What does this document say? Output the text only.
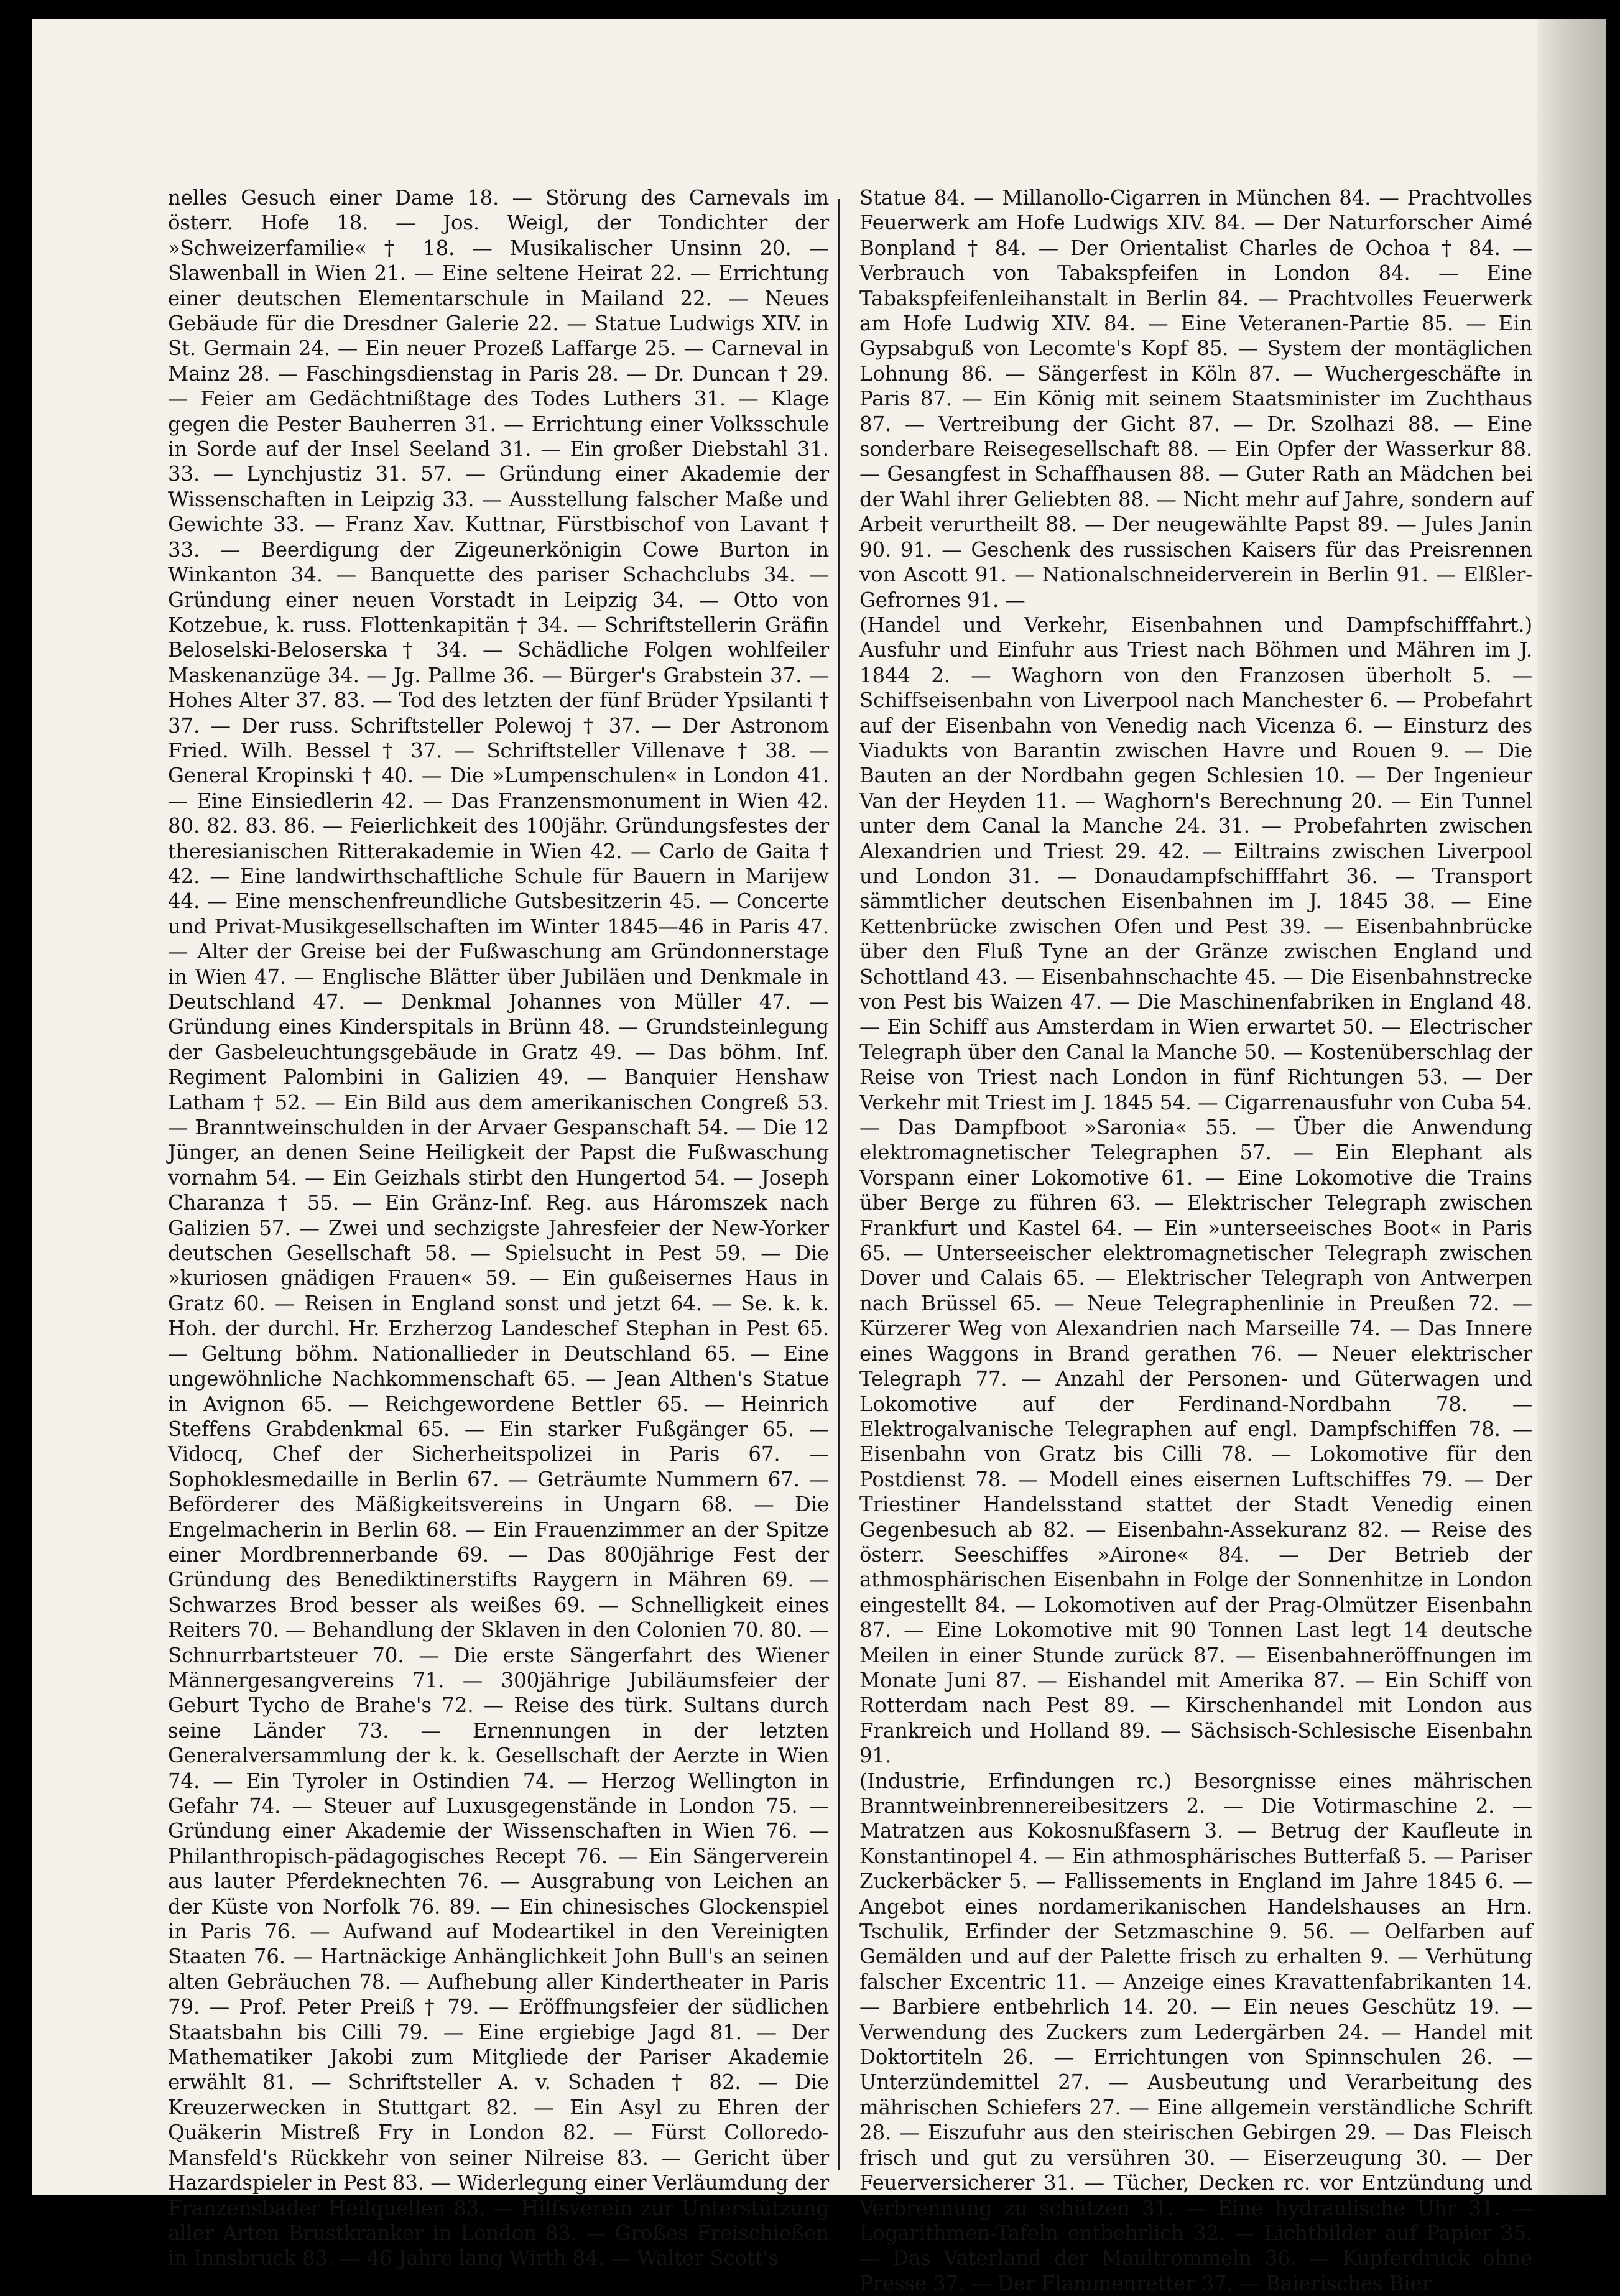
nelles Gesuch einer Dame 18. — Störung des Carnevals im österr. Hofe 18. — Jos. Weigl, der Tondichter der »Schweizerfamilie« † 18. — Musikalischer Unsinn 20. — Slawenball in Wien 21. — Eine seltene Heirat 22. — Errichtung einer deutschen Elementarschule in Mailand 22. — Neues Gebäude für die Dresdner Galerie 22. — Statue Ludwigs XIV. in St. Germain 24. — Ein neuer Prozeß Laffarge 25. — Carneval in Mainz 28. — Faschingsdienstag in Paris 28. — Dr. Duncan † 29. — Feier am Gedächtnißtage des Todes Luthers 31. — Klage gegen die Pester Bauherren 31. — Errichtung einer Volksschule in Sorde auf der Insel Seeland 31. — Ein großer Diebstahl 31. 33. — Lynchjustiz 31. 57. — Gründung einer Akademie der Wissenschaften in Leipzig 33. — Ausstellung falscher Maße und Gewichte 33. — Franz Xav. Kuttnar, Fürstbischof von Lavant † 33. — Beerdigung der Zigeunerkönigin Cowe Burton in Winkanton 34. — Banquette des pariser Schachclubs 34. — Gründung einer neuen Vorstadt in Leipzig 34. — Otto von Kotzebue, k. russ. Flottenkapitän † 34. — Schriftstellerin Gräfin Beloselski-Beloserska † 34. — Schädliche Folgen wohlfeiler Maskenanzüge 34. — Jg. Pallme 36. — Bürger's Grabstein 37. — Hohes Alter 37. 83. — Tod des letzten der fünf Brüder Ypsilanti † 37. — Der russ. Schriftsteller Polewoj † 37. — Der Astronom Fried. Wilh. Bessel † 37. — Schriftsteller Villenave † 38. — General Kropinski † 40. — Die »Lumpenschulen« in London 41. — Eine Einsiedlerin 42. — Das Franzensmonument in Wien 42. 80. 82. 83. 86. — Feierlichkeit des 100jähr. Gründungsfestes der theresianischen Ritterakademie in Wien 42. — Carlo de Gaita † 42. — Eine landwirthschaftliche Schule für Bauern in Marijew 44. — Eine menschenfreundliche Gutsbesitzerin 45. — Concerte und Privat-Musikgesellschaften im Winter 1845—46 in Paris 47. — Alter der Greise bei der Fußwaschung am Gründonnerstage in Wien 47. — Englische Blätter über Jubiläen und Denkmale in Deutschland 47. — Denkmal Johannes von Müller 47. — Gründung eines Kinderspitals in Brünn 48. — Grundsteinlegung der Gasbeleuchtungsgebäude in Gratz 49. — Das böhm. Inf. Regiment Palombini in Galizien 49. — Banquier Henshaw Latham † 52. — Ein Bild aus dem amerikanischen Congreß 53. — Branntweinschulden in der Arvaer Gespanschaft 54. — Die 12 Jünger, an denen Seine Heiligkeit der Papst die Fußwaschung vornahm 54. — Ein Geizhals stirbt den Hungertod 54. — Joseph Charanza † 55. — Ein Gränz-Inf. Reg. aus Háromszek nach Galizien 57. — Zwei und sechzigste Jahresfeier der New-Yorker deutschen Gesellschaft 58. — Spielsucht in Pest 59. — Die »kuriosen gnädigen Frauen« 59. — Ein gußeisernes Haus in Gratz 60. — Reisen in England sonst und jetzt 64. — Se. k. k. Hoh. der durchl. Hr. Erzherzog Landeschef Stephan in Pest 65. — Geltung böhm. Nationallieder in Deutschland 65. — Eine ungewöhnliche Nachkommenschaft 65. — Jean Althen's Statue in Avignon 65. — Reichgewordene Bettler 65. — Heinrich Steffens Grabdenkmal 65. — Ein starker Fußgänger 65. — Vidocq, Chef der Sicherheitspolizei in Paris 67. — Sophoklesmedaille in Berlin 67. — Geträumte Nummern 67. — Beförderer des Mäßigkeitsvereins in Ungarn 68. — Die Engelmacherin in Berlin 68. — Ein Frauenzimmer an der Spitze einer Mordbrennerbande 69. — Das 800jährige Fest der Gründung des Benediktinerstifts Raygern in Mähren 69. — Schwarzes Brod besser als weißes 69. — Schnelligkeit eines Reiters 70. — Behandlung der Sklaven in den Colonien 70. 80. — Schnurrbartsteuer 70. — Die erste Sängerfahrt des Wiener Männergesangvereins 71. — 300jährige Jubiläumsfeier der Geburt Tycho de Brahe's 72. — Reise des türk. Sultans durch seine Länder 73. — Ernennungen in der letzten Generalversammlung der k. k. Gesellschaft der Aerzte in Wien 74. — Ein Tyroler in Ostindien 74. — Herzog Wellington in Gefahr 74. — Steuer auf Luxusgegenstände in London 75. — Gründung einer Akademie der Wissenschaften in Wien 76. — Philanthropisch-pädagogisches Recept 76. — Ein Sängerverein aus lauter Pferdeknechten 76. — Ausgrabung von Leichen an der Küste von Norfolk 76. 89. — Ein chinesisches Glockenspiel in Paris 76. — Aufwand auf Modeartikel in den Vereinigten Staaten 76. — Hartnäckige Anhänglichkeit John Bull's an seinen alten Gebräuchen 78. — Aufhebung aller Kindertheater in Paris 79. — Prof. Peter Preiß † 79. — Eröffnungsfeier der südlichen Staatsbahn bis Cilli 79. — Eine ergiebige Jagd 81. — Der Mathematiker Jakobi zum Mitgliede der Pariser Akademie erwählt 81. — Schriftsteller A. v. Schaden † 82. — Die Kreuzerwecken in Stuttgart 82. — Ein Asyl zu Ehren der Quäkerin Mistreß Fry in London 82. — Fürst Colloredo-Mansfeld's Rückkehr von seiner Nilreise 83. — Gericht über Hazardspieler in Pest 83. — Widerlegung einer Verläumdung der Franzensbader Heilquellen 83. — Hilfsverein zur Unterstützung aller Arten Brustkranker in London 83. — Großes Freischießen in Innsbruck 83. — 46 Jahre lang Wirth 84. — Walter Scott's

Statue 84. — Millanollo-Cigarren in München 84. — Prachtvolles Feuerwerk am Hofe Ludwigs XIV. 84. — Der Naturforscher Aimé Bonpland † 84. — Der Orientalist Charles de Ochoa † 84. — Verbrauch von Tabakspfeifen in London 84. — Eine Tabakspfeifenleihanstalt in Berlin 84. — Prachtvolles Feuerwerk am Hofe Ludwig XIV. 84. — Eine Veteranen-Partie 85. — Ein Gypsabguß von Lecomte's Kopf 85. — System der montäglichen Lohnung 86. — Sängerfest in Köln 87. — Wuchergeschäfte in Paris 87. — Ein König mit seinem Staatsminister im Zuchthaus 87. — Vertreibung der Gicht 87. — Dr. Szolhazi 88. — Eine sonderbare Reisegesellschaft 88. — Ein Opfer der Wasserkur 88. — Gesangfest in Schaffhausen 88. — Guter Rath an Mädchen bei der Wahl ihrer Geliebten 88. — Nicht mehr auf Jahre, sondern auf Arbeit verurtheilt 88. — Der neugewählte Papst 89. — Jules Janin 90. 91. — Geschenk des russischen Kaisers für das Preisrennen von Ascott 91. — Nationalschneiderverein in Berlin 91. — Elßler-Gefrornes 91. —

(Handel und Verkehr, Eisenbahnen und Dampfschifffahrt.) Ausfuhr und Einfuhr aus Triest nach Böhmen und Mähren im J. 1844 2. — Waghorn von den Franzosen überholt 5. — Schiffseisenbahn von Liverpool nach Manchester 6. — Probefahrt auf der Eisenbahn von Venedig nach Vicenza 6. — Einsturz des Viadukts von Barantin zwischen Havre und Rouen 9. — Die Bauten an der Nordbahn gegen Schlesien 10. — Der Ingenieur Van der Heyden 11. — Waghorn's Berechnung 20. — Ein Tunnel unter dem Canal la Manche 24. 31. — Probefahrten zwischen Alexandrien und Triest 29. 42. — Eiltrains zwischen Liverpool und London 31. — Donaudampfschifffahrt 36. — Transport sämmtlicher deutschen Eisenbahnen im J. 1845 38. — Eine Kettenbrücke zwischen Ofen und Pest 39. — Eisenbahnbrücke über den Fluß Tyne an der Gränze zwischen England und Schottland 43. — Eisenbahnschachte 45. — Die Eisenbahnstrecke von Pest bis Waizen 47. — Die Maschinenfabriken in England 48. — Ein Schiff aus Amsterdam in Wien erwartet 50. — Electrischer Telegraph über den Canal la Manche 50. — Kostenüberschlag der Reise von Triest nach London in fünf Richtungen 53. — Der Verkehr mit Triest im J. 1845 54. — Cigarrenausfuhr von Cuba 54. — Das Dampfboot »Saronia« 55. — Über die Anwendung elektromagnetischer Telegraphen 57. — Ein Elephant als Vorspann einer Lokomotive 61. — Eine Lokomotive die Trains über Berge zu führen 63. — Elektrischer Telegraph zwischen Frankfurt und Kastel 64. — Ein »unterseeisches Boot« in Paris 65. — Unterseeischer elektromagnetischer Telegraph zwischen Dover und Calais 65. — Elektrischer Telegraph von Antwerpen nach Brüssel 65. — Neue Telegraphenlinie in Preußen 72. — Kürzerer Weg von Alexandrien nach Marseille 74. — Das Innere eines Waggons in Brand gerathen 76. — Neuer elektrischer Telegraph 77. — Anzahl der Personen- und Güterwagen und Lokomotive auf der Ferdinand-Nordbahn 78. — Elektrogalvanische Telegraphen auf engl. Dampfschiffen 78. — Eisenbahn von Gratz bis Cilli 78. — Lokomotive für den Postdienst 78. — Modell eines eisernen Luftschiffes 79. — Der Triestiner Handelsstand stattet der Stadt Venedig einen Gegenbesuch ab 82. — Eisenbahn-Assekuranz 82. — Reise des österr. Seeschiffes »Airone« 84. — Der Betrieb der athmosphärischen Eisenbahn in Folge der Sonnenhitze in London eingestellt 84. — Lokomotiven auf der Prag-Olmützer Eisenbahn 87. — Eine Lokomotive mit 90 Tonnen Last legt 14 deutsche Meilen in einer Stunde zurück 87. — Eisenbahneröffnungen im Monate Juni 87. — Eishandel mit Amerika 87. — Ein Schiff von Rotterdam nach Pest 89. — Kirschenhandel mit London aus Frankreich und Holland 89. — Sächsisch-Schlesische Eisenbahn 91.

(Industrie, Erfindungen rc.) Besorgnisse eines mährischen Branntweinbrennereibesitzers 2. — Die Votirmaschine 2. — Matratzen aus Kokosnußfasern 3. — Betrug der Kaufleute in Konstantinopel 4. — Ein athmosphärisches Butterfaß 5. — Pariser Zuckerbäcker 5. — Fallissements in England im Jahre 1845 6. — Angebot eines nordamerikanischen Handelshauses an Hrn. Tschulik, Erfinder der Setzmaschine 9. 56. — Oelfarben auf Gemälden und auf der Palette frisch zu erhalten 9. — Verhütung falscher Excentric 11. — Anzeige eines Kravattenfabrikanten 14. — Barbiere entbehrlich 14. 20. — Ein neues Geschütz 19. — Verwendung des Zuckers zum Ledergärben 24. — Handel mit Doktortiteln 26. — Errichtungen von Spinnschulen 26. — Unterzündemittel 27. — Ausbeutung und Verarbeitung des mährischen Schiefers 27. — Eine allgemein verständliche Schrift 28. — Eiszufuhr aus den steirischen Gebirgen 29. — Das Fleisch frisch und gut zu versühren 30. — Eiserzeugung 30. — Der Feuerversicherer 31. — Tücher, Decken rc. vor Entzündung und Verbrennung zu schützen 31. — Eine hydraulische Uhr 31. — Logarithmen-Tafeln entbehrlich 32. — Lichtbilder auf Papier 35. — Das Vaterland der Maultrommeln 36. — Kupferdruck ohne Presse 37. — Der Flammenretter 37. — Baierisches Bier
